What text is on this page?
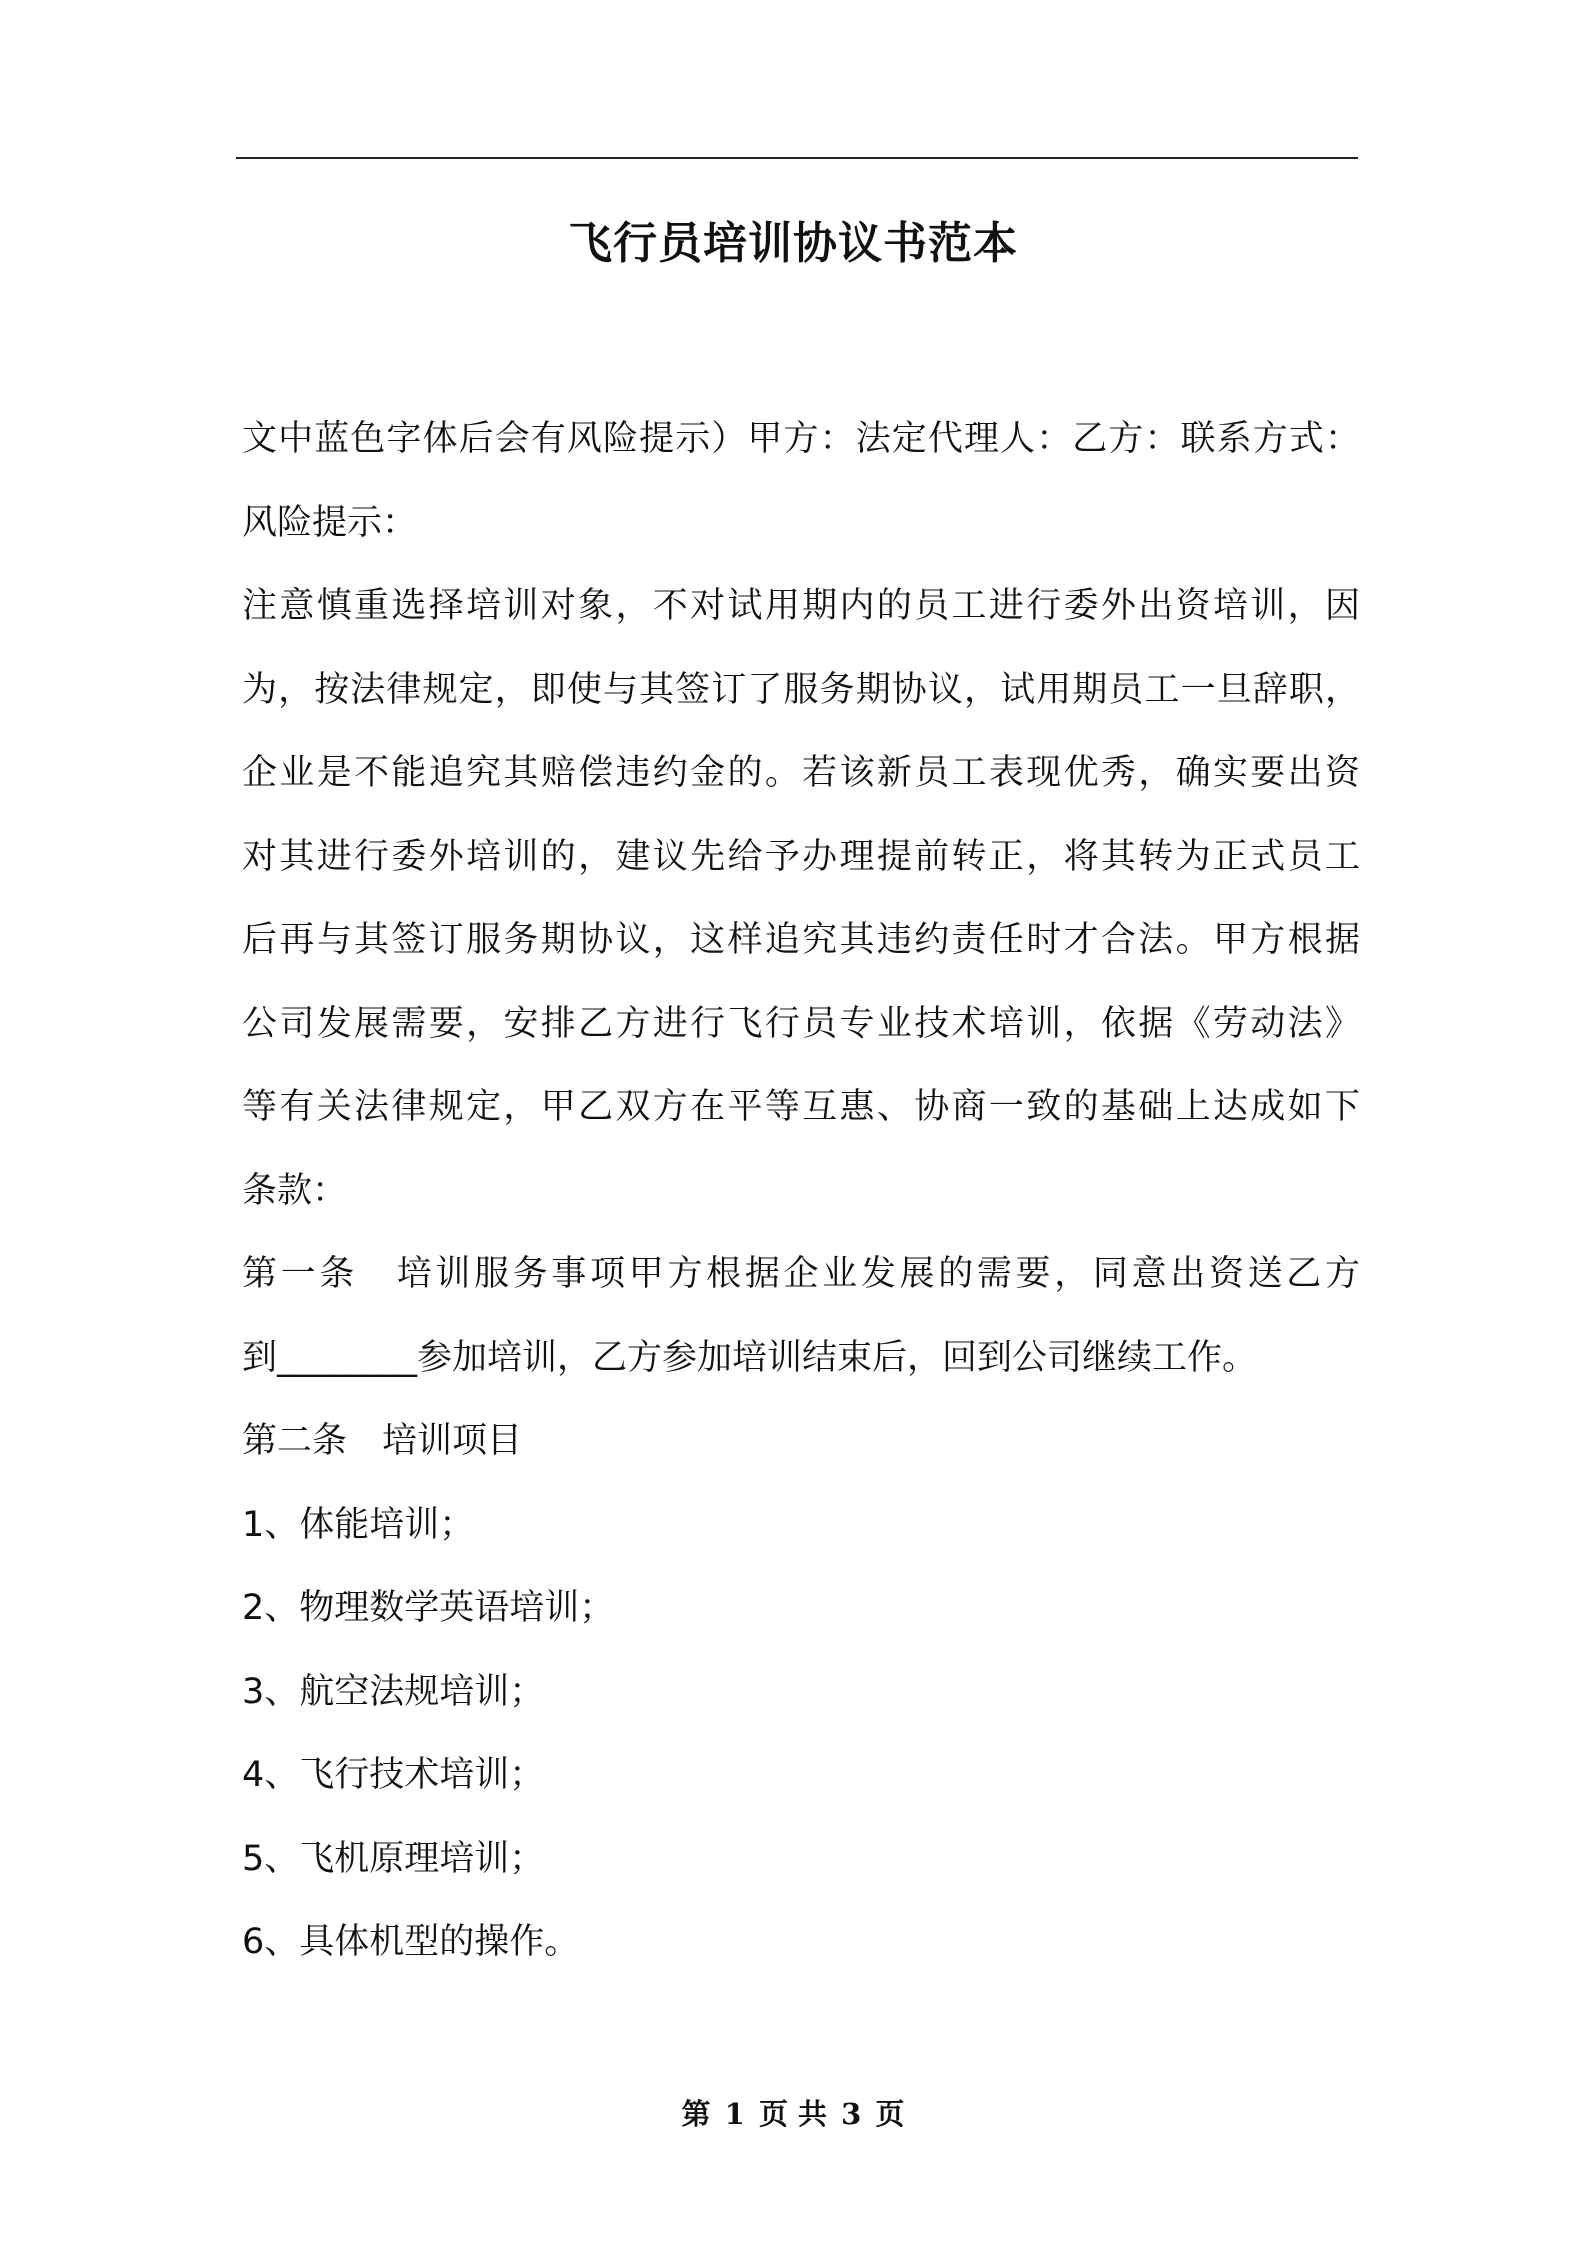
飞行员培训协议书范本
文中蓝色字体后会有风险提示）甲方：法定代理人：乙方：联系方式：
风险提示：
注意慎重选择培训对象，不对试用期内的员工进行委外出资培训，因
为，按法律规定，即使与其签订了服务期协议，试用期员工一旦辞职，
企业是不能追究其赔偿违约金的。若该新员工表现优秀，确实要出资
对其进行委外培训的，建议先给予办理提前转正，将其转为正式员工
后再与其签订服务期协议，这样追究其违约责任时才合法。甲方根据
公司发展需要，安排乙方进行飞行员专业技术培训，依据《劳动法》
等有关法律规定，甲乙双方在平等互惠、协商一致的基础上达成如下
条款：
第一条　培训服务事项甲方根据企业发展的需要，同意出资送乙方
到________参加培训，乙方参加培训结束后，回到公司继续工作。
第二条　培训项目
1、体能培训；
2、物理数学英语培训；
3、航空法规培训；
4、飞行技术培训；
5、飞机原理培训；
6、具体机型的操作。
第 1 页 共 3 页
